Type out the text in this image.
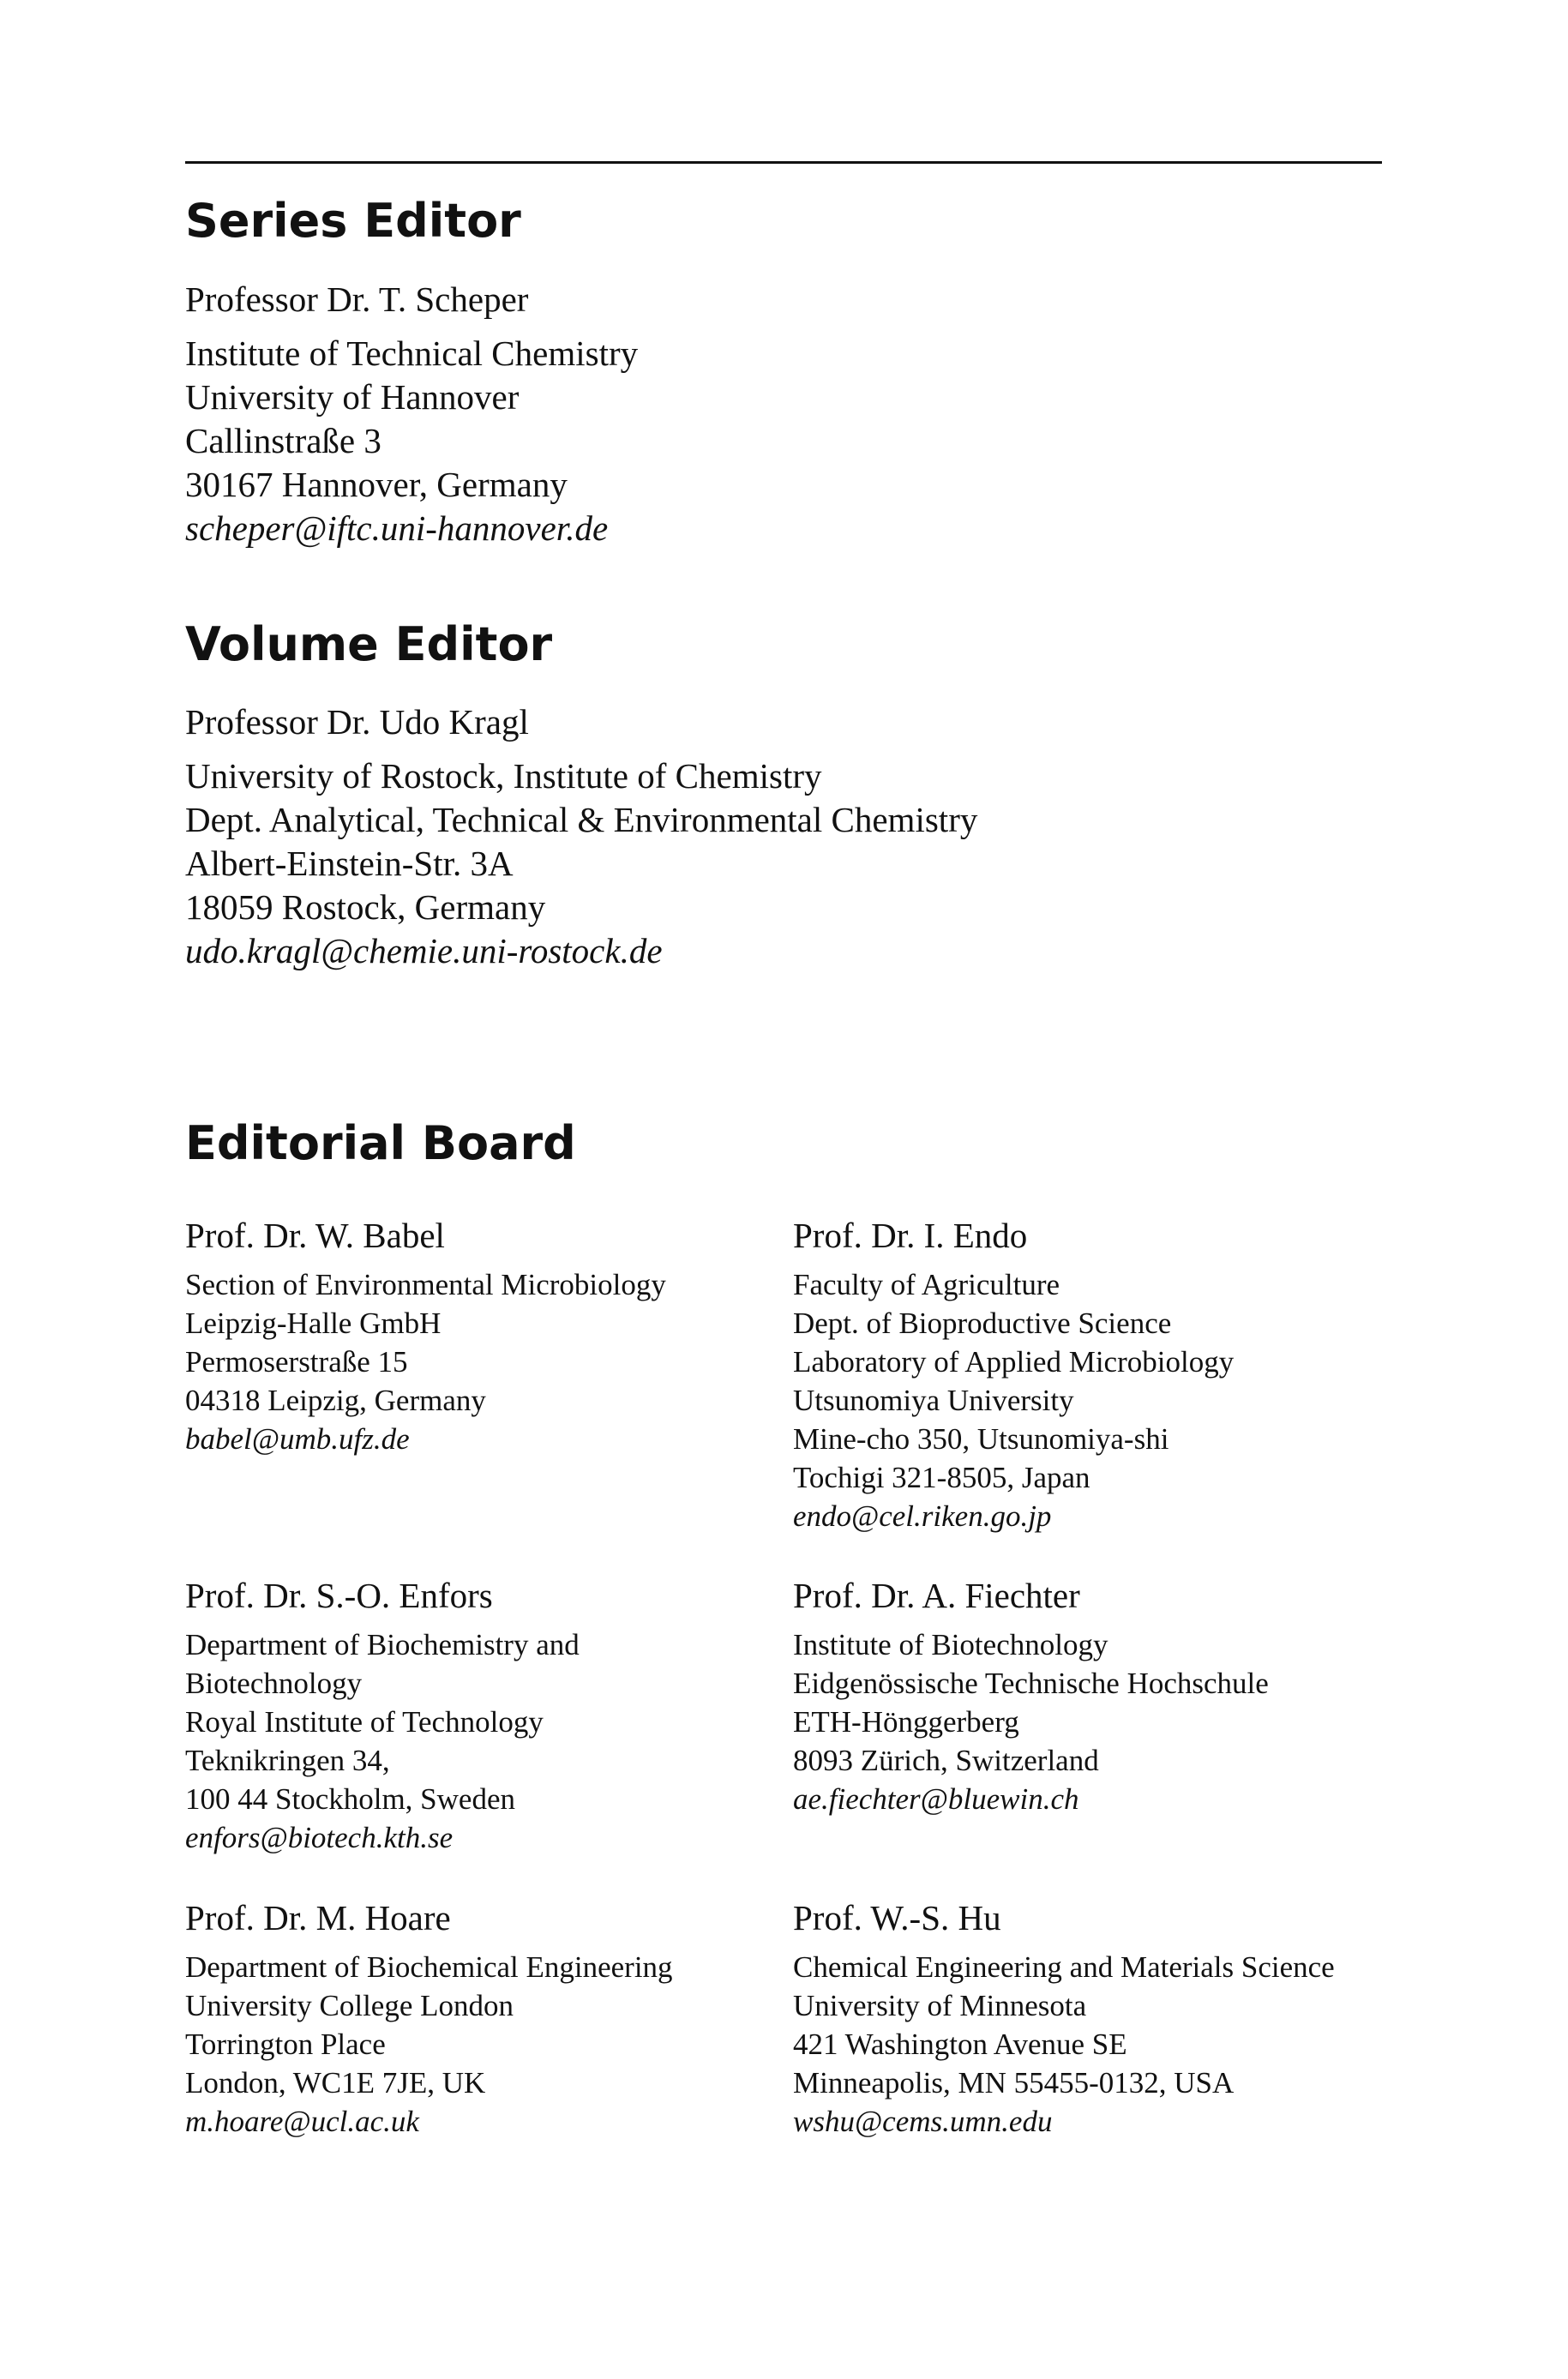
Series Editor

Professor Dr. T. Scheper

Institute of Technical Chemistry

University of Hannover

Callinstraße 3

30167 Hannover, Germany

scheper@iftc.uni-hannover.de

Volume Editor

Professor Dr. Udo Kragl

University of Rostock, Institute of Chemistry

Dept. Analytical, Technical & Environmental Chemistry

Albert-Einstein-Str. 3A

18059 Rostock, Germany

udo.kragl@chemie.uni-rostock.de

Editorial Board

Prof. Dr. W. Babel

Section of Environmental Microbiology

Leipzig-Halle GmbH

Permoserstraße 15

04318 Leipzig, Germany

babel@umb.ufz.de

Prof. Dr. I. Endo

Faculty of Agriculture

Dept. of Bioproductive Science

Laboratory of Applied Microbiology

Utsunomiya University

Mine-cho 350, Utsunomiya-shi

Tochigi 321-8505, Japan

endo@cel.riken.go.jp

Prof. Dr. S.-O. Enfors

Department of Biochemistry and

Biotechnology

Royal Institute of Technology

Teknikringen 34,

100 44 Stockholm, Sweden

enfors@biotech.kth.se

Prof. Dr. A. Fiechter

Institute of Biotechnology

Eidgenössische Technische Hochschule

ETH-Hönggerberg

8093 Zürich, Switzerland

ae.fiechter@bluewin.ch

Prof. Dr. M. Hoare

Department of Biochemical Engineering

University College London

Torrington Place

London, WC1E 7JE, UK

m.hoare@ucl.ac.uk

Prof. W.-S. Hu

Chemical Engineering and Materials Science

University of Minnesota

421 Washington Avenue SE

Minneapolis, MN 55455-0132, USA

wshu@cems.umn.edu
